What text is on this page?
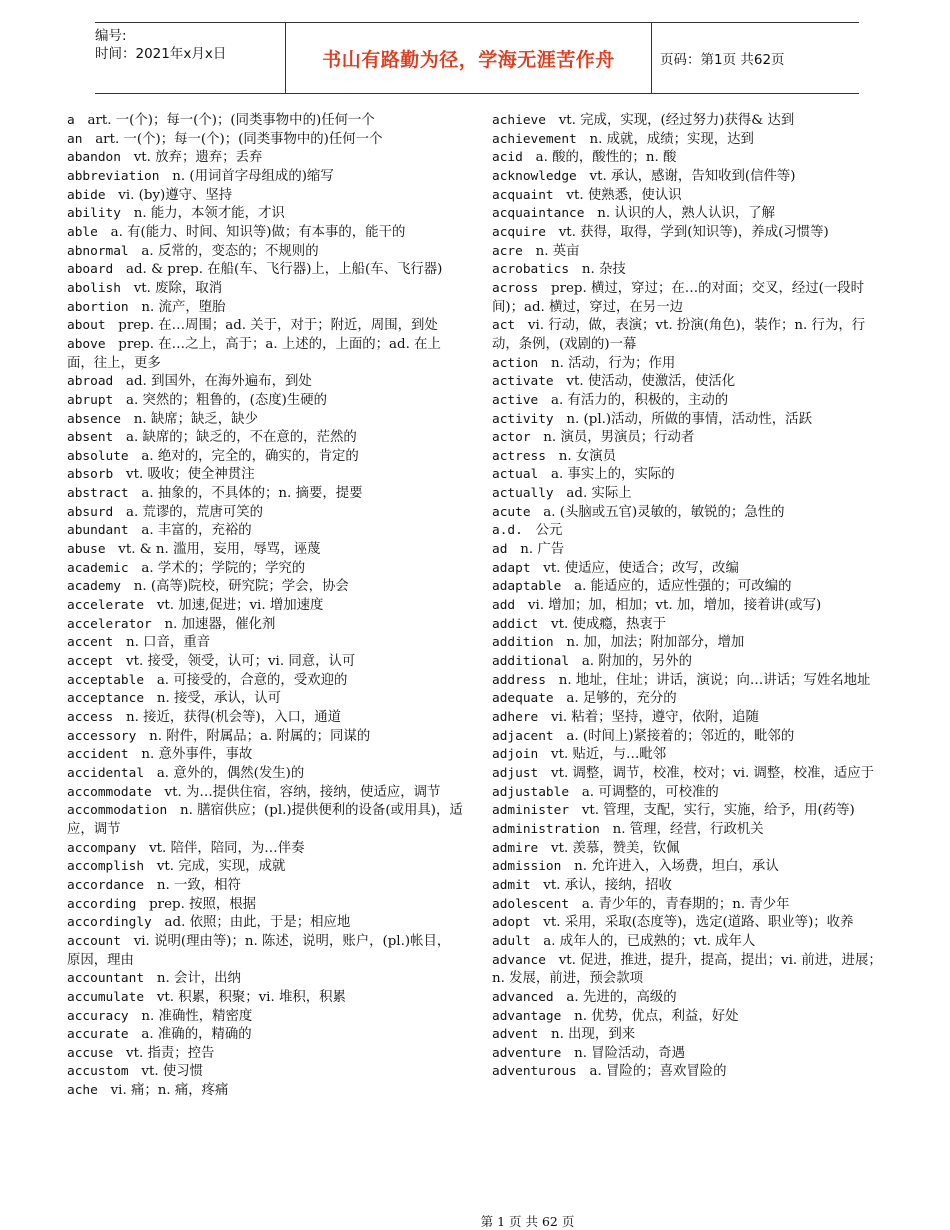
编号:
时间：2021年x月x日	书山有路勤为径，学海无涯苦作舟	页码：第1页 共62页

a   art. 一(个)；每一(个)；(同类事物中的)任何一个

an   art. 一(个)；每一(个)；(同类事物中的)任何一个

abandon   vt. 放弃；遗弃；丢弃

abbreviation   n. (用词首字母组成的)缩写

abide   vi. (by)遵守、坚持

ability   n. 能力，本领才能，才识

able   a. 有(能力、时间、知识等)做；有本事的，能干的

abnormal   a. 反常的，变态的；不规则的

aboard   ad. & prep. 在船(车、飞行器)上，上船(车、飞行器)

abolish   vt. 废除，取消

abortion   n. 流产，堕胎

about   prep. 在…周围；ad. 关于，对于；附近，周围，到处

above   prep. 在…之上，高于；a. 上述的，上面的；ad. 在上面，往上，更多

abroad   ad. 到国外，在海外遍布，到处

abrupt   a. 突然的；粗鲁的，(态度)生硬的

absence   n. 缺席；缺乏，缺少

absent   a. 缺席的；缺乏的，不在意的，茫然的

absolute   a. 绝对的，完全的，确实的，肯定的

absorb   vt. 吸收；使全神贯注

abstract   a. 抽象的，不具体的；n. 摘要，提要

absurd   a. 荒谬的，荒唐可笑的

abundant   a. 丰富的，充裕的

abuse   vt. & n. 滥用，妄用，辱骂，诬蔑

academic   a. 学术的；学院的；学究的

academy   n. (高等)院校，研究院；学会，协会

accelerate   vt. 加速,促进；vi. 增加速度

accelerator   n. 加速器，催化剂

accent   n. 口音，重音

accept   vt. 接受，领受，认可；vi. 同意，认可

acceptable   a. 可接受的，合意的，受欢迎的

acceptance   n. 接受，承认，认可

access   n. 接近，获得(机会等)，入口，通道

accessory   n. 附件，附属品；a. 附属的；同谋的

accident   n. 意外事件，事故

accidental   a. 意外的，偶然(发生)的

accommodate   vt. 为…提供住宿，容纳，接纳，使适应，调节

accommodation   n. 膳宿供应；(pl.)提供便利的设备(或用具)，适应，调节

accompany   vt. 陪伴，陪同，为…伴奏

accomplish   vt. 完成，实现，成就

accordance   n. 一致，相符

according   prep. 按照，根据

accordingly   ad. 依照；由此，于是；相应地

account   vi. 说明(理由等)；n. 陈述，说明，账户，(pl.)帐目，原因，理由

accountant   n. 会计，出纳

accumulate   vt. 积累，积聚；vi. 堆积，积累

accuracy   n. 准确性，精密度

accurate   a. 准确的，精确的

accuse   vt. 指责；控告

accustom   vt. 使习惯

ache   vi. 痛；n. 痛，疼痛

achieve   vt. 完成，实现，(经过努力)获得& 达到

achievement   n. 成就，成绩；实现，达到

acid   a. 酸的，酸性的；n. 酸

acknowledge   vt. 承认，感谢，告知收到(信件等)

acquaint   vt. 使熟悉，使认识

acquaintance   n. 认识的人，熟人认识，了解

acquire   vt. 获得，取得，学到(知识等)，养成(习惯等)

acre   n. 英亩

acrobatics   n. 杂技

across   prep. 横过，穿过；在…的对面；交叉，经过(一段时间)；ad. 横过，穿过，在另一边

act   vi. 行动，做，表演；vt. 扮演(角色)，装作；n. 行为，行动，条例，(戏剧的)一幕

action   n. 活动，行为；作用

activate   vt. 使活动，使激活，使活化

active   a. 有活力的，积极的，主动的

activity   n. (pl.)活动，所做的事情，活动性，活跃

actor   n. 演员，男演员；行动者

actress   n. 女演员

actual   a. 事实上的，实际的

actually   ad. 实际上

acute   a. (头脑或五官)灵敏的，敏锐的；急性的

a.d.   公元

ad   n. 广告

adapt   vt. 使适应，使适合；改写，改编

adaptable   a. 能适应的，适应性强的；可改编的

add   vi. 增加；加，相加；vt. 加，增加，接着讲(或写)

addict   vt. 使成瘾，热衷于

addition   n. 加，加法；附加部分，增加

additional   a. 附加的，另外的

address   n. 地址，住址；讲话，演说；向…讲话；写姓名地址

adequate   a. 足够的，充分的

adhere   vi. 粘着；坚持，遵守，依附，追随

adjacent   a. (时间上)紧接着的；邻近的，毗邻的

adjoin   vt. 贴近，与…毗邻

adjust   vt. 调整，调节，校准，校对；vi. 调整，校准，适应于

adjustable   a. 可调整的，可校准的

administer   vt. 管理，支配，实行，实施，给予，用(药等)

administration   n. 管理，经营，行政机关

admire   vt. 羡慕，赞美，钦佩

admission   n. 允许进入，入场费，坦白，承认

admit   vt. 承认，接纳，招收

adolescent   a. 青少年的，青春期的；n. 青少年

adopt   vt. 采用，采取(态度等)，选定(道路、职业等)；收养

adult   a. 成年人的，已成熟的；vt. 成年人

advance   vt. 促进，推进，提升，提高，提出；vi. 前进，进展；n. 发展，前进，预会款项

advanced   a. 先进的，高级的

advantage   n. 优势，优点，利益，好处

advent   n. 出现，到来

adventure   n. 冒险活动，奇遇

adventurous   a. 冒险的；喜欢冒险的

第 1 页 共 62 页
